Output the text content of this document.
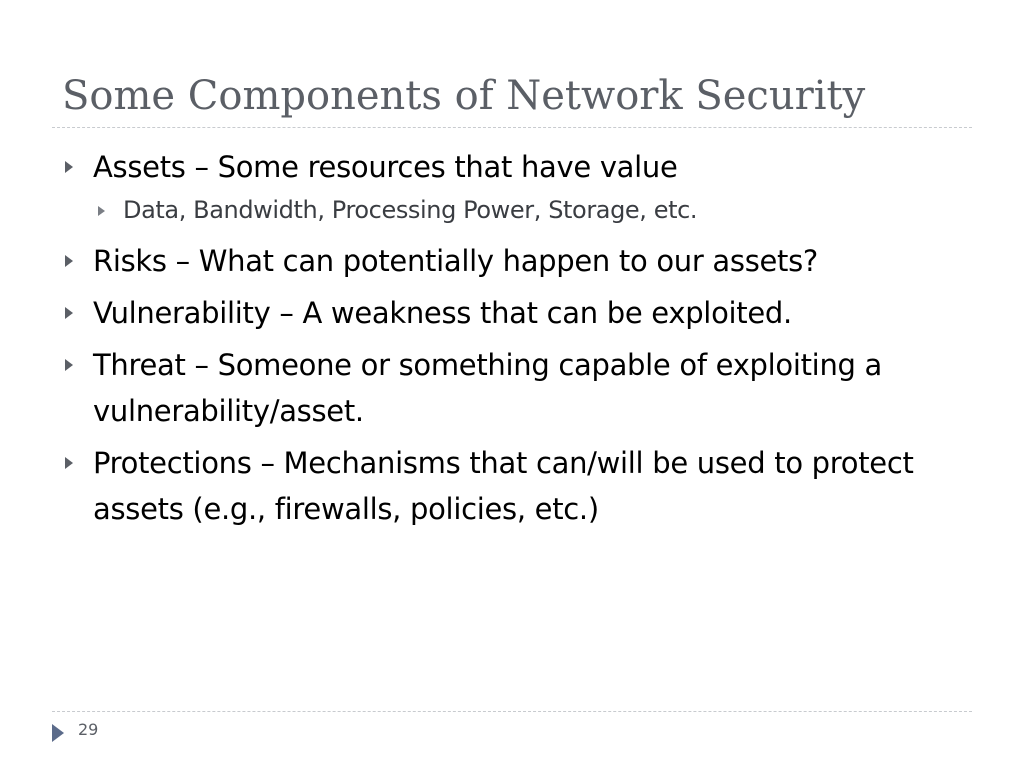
Some Components of Network Security
Assets – Some resources that have value
Data, Bandwidth, Processing Power, Storage, etc.
Risks – What can potentially happen to our assets?
Vulnerability – A weakness that can be exploited.
Threat – Someone or something capable of exploiting a vulnerability/asset.
Protections – Mechanisms that can/will be used to protect assets (e.g., firewalls, policies, etc.)
29
